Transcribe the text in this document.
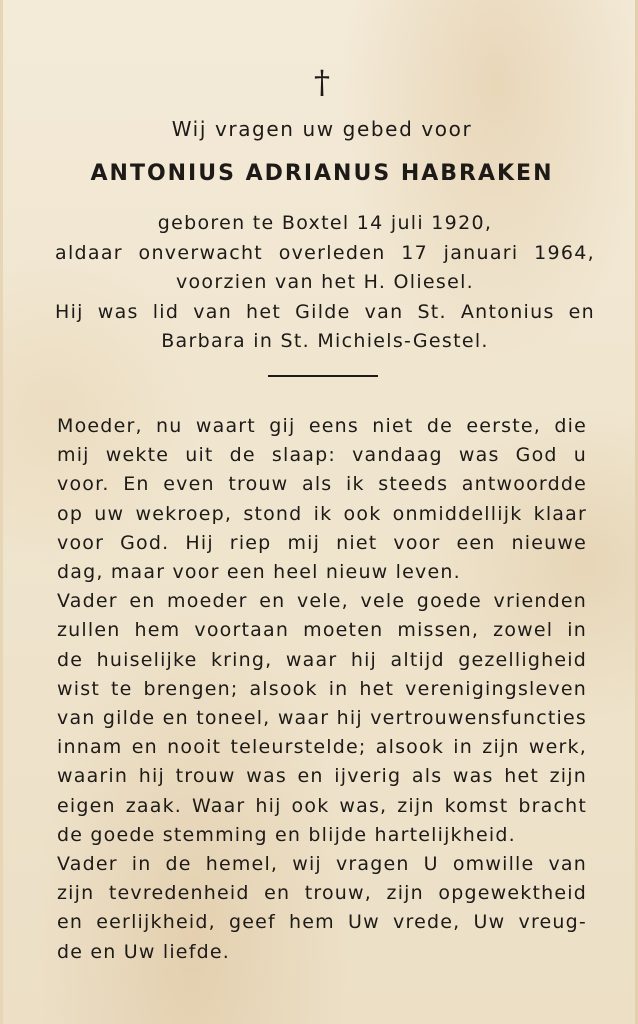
†
Wij vragen uw gebed voor
ANTONIUS ADRIANUS HABRAKEN
geboren te Boxtel 14 juli 1920,
aldaar onverwacht overleden 17 januari 1964,
voorzien van het H. Oliesel.
Hij was lid van het Gilde van St. Antonius en
Barbara in St. Michiels-Gestel.
Moeder, nu waart gij eens niet de eerste, die
mij wekte uit de slaap: vandaag was God u
voor. En even trouw als ik steeds antwoordde
op uw wekroep, stond ik ook onmiddellijk klaar
voor God. Hij riep mij niet voor een nieuwe
dag, maar voor een heel nieuw leven.
Vader en moeder en vele, vele goede vrienden
zullen hem voortaan moeten missen, zowel in
de huiselijke kring, waar hij altijd gezelligheid
wist te brengen; alsook in het verenigingsleven
van gilde en toneel, waar hij vertrouwensfuncties
innam en nooit teleurstelde; alsook in zijn werk,
waarin hij trouw was en ijverig als was het zijn
eigen zaak. Waar hij ook was, zijn komst bracht
de goede stemming en blijde hartelijkheid.
Vader in de hemel, wij vragen U omwille van
zijn tevredenheid en trouw, zijn opgewektheid
en eerlijkheid, geef hem Uw vrede, Uw vreug-
de en Uw liefde.
